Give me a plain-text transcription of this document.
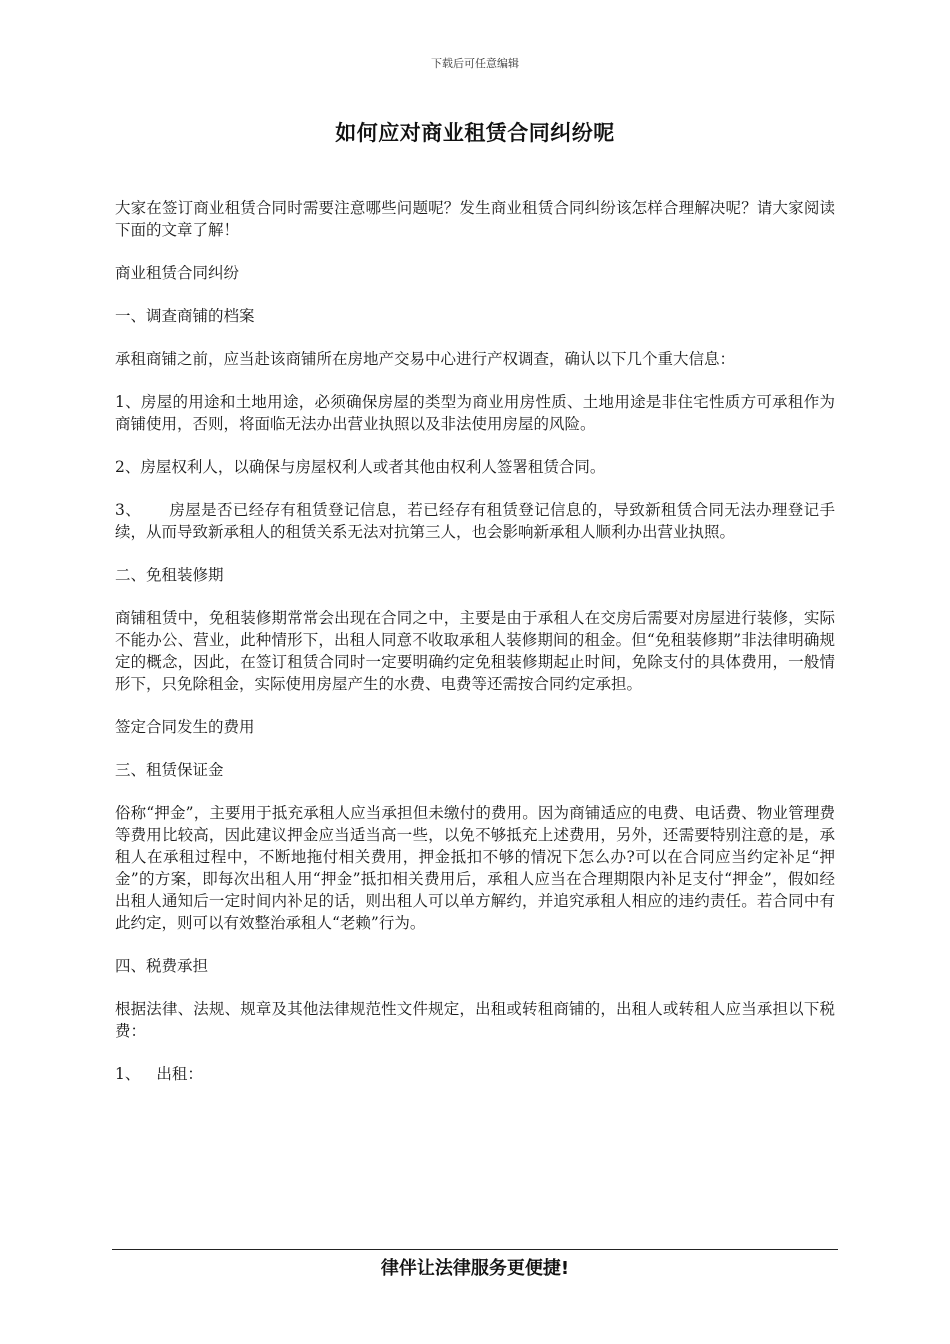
下载后可任意编辑
如何应对商业租赁合同纠纷呢

大家在签订商业租赁合同时需要注意哪些问题呢？发生商业租赁合同纠纷该怎样合理解决呢？请大家阅读下面的文章了解！

商业租赁合同纠纷

一、调查商铺的档案

承租商铺之前，应当赴该商铺所在房地产交易中心进行产权调查，确认以下几个重大信息：

1、房屋的用途和土地用途，必须确保房屋的类型为商业用房性质、土地用途是非住宅性质方可承租作为商铺使用，否则，将面临无法办出营业执照以及非法使用房屋的风险。

2、房屋权利人，以确保与房屋权利人或者其他由权利人签署租赁合同。

3、 房屋是否已经存有租赁登记信息，若已经存有租赁登记信息的，导致新租赁合同无法办理登记手续，从而导致新承租人的租赁关系无法对抗第三人，也会影响新承租人顺利办出营业执照。

二、免租装修期

商铺租赁中，免租装修期常常会出现在合同之中，主要是由于承租人在交房后需要对房屋进行装修，实际不能办公、营业，此种情形下，出租人同意不收取承租人装修期间的租金。但“免租装修期”非法律明确规定的概念，因此，在签订租赁合同时一定要明确约定免租装修期起止时间，免除支付的具体费用，一般情形下，只免除租金，实际使用房屋产生的水费、电费等还需按合同约定承担。

签定合同发生的费用

三、租赁保证金

俗称“押金”，主要用于抵充承租人应当承担但未缴付的费用。因为商铺适应的电费、电话费、物业管理费等费用比较高，因此建议押金应当适当高一些，以免不够抵充上述费用，另外，还需要特别注意的是，承租人在承租过程中，不断地拖付相关费用，押金抵扣不够的情况下怎么办?可以在合同应当约定补足“押金”的方案，即每次出租人用“押金”抵扣相关费用后，承租人应当在合理期限内补足支付“押金”，假如经出租人通知后一定时间内补足的话，则出租人可以单方解约，并追究承租人相应的违约责任。若合同中有此约定，则可以有效整治承租人“老赖”行为。

四、税费承担

根据法律、法规、规章及其他法律规范性文件规定，出租或转租商铺的，出租人或转租人应当承担以下税费：

1、 出租：

律伴让法律服务更便捷!
